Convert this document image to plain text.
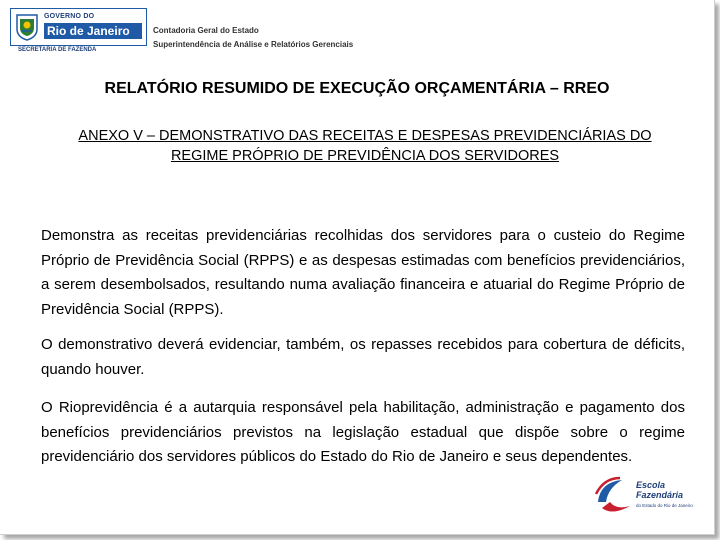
GOVERNO DO
Rio de Janeiro
SECRETARIA DE FAZENDA
Contadoria Geral do Estado
Superintendência de Análise e Relatórios Gerenciais
RELATÓRIO RESUMIDO DE EXECUÇÃO ORÇAMENTÁRIA – RREO
ANEXO V – DEMONSTRATIVO DAS RECEITAS E DESPESAS PREVIDENCIÁRIAS DO REGIME PRÓPRIO DE PREVIDÊNCIA DOS SERVIDORES

Demonstra as receitas previdenciárias recolhidas dos servidores para o custeio do Regime Próprio de Previdência Social (RPPS) e as despesas estimadas com benefícios previdenciários, a serem desembolsados, resultando numa avaliação financeira e atuarial do Regime Próprio de Previdência Social (RPPS).

O demonstrativo deverá evidenciar, também, os repasses recebidos para cobertura de déficits, quando houver.

O Rioprevidência é a autarquia responsável pela habilitação, administração e pagamento dos benefícios previdenciários previstos na legislação estadual que dispõe sobre o regime previdenciário dos servidores públicos do Estado do Rio de Janeiro e seus dependentes.

Escola
Fazendária
do Estado do Rio de Janeiro
